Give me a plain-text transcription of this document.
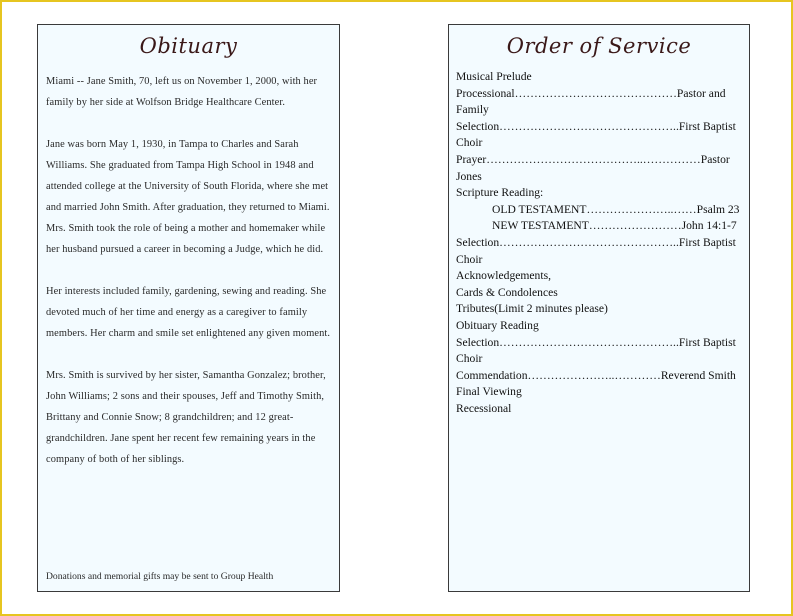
Obituary

Miami -- Jane Smith, 70, left us on November 1, 2000, with her family by her side at Wolfson Bridge Healthcare Center.

Jane was born May 1, 1930, in Tampa to Charles and Sarah Williams. She graduated from Tampa High School in 1948 and attended college at the University of South Florida, where she met and married John Smith. After graduation, they returned to Miami. Mrs. Smith took the role of being a mother and homemaker while her husband pursued a career in becoming a Judge, which he did.

Her interests included family, gardening, sewing and reading. She devoted much of her time and energy as a caregiver to family members. Her charm and smile set enlightened any given moment.

Mrs. Smith is survived by her sister, Samantha Gonzalez; brother, John Williams; 2 sons and their spouses, Jeff and Timothy Smith, Brittany and Connie Snow; 8 grandchildren; and 12 great-grandchildren. Jane spent her recent few remaining years in the company of both of her siblings.

Donations and memorial gifts may be sent to Group Health
Order of Service
Musical Prelude
Processional……………………………………Pastor and Family
Selection………………………………………..First Baptist Choir
Prayer…………………………………..……………Pastor Jones
Scripture Reading:
OLD TESTAMENT…………………..……Psalm 23
NEW TESTAMENT……………………John 14:1-7
Selection………………………………………..First Baptist Choir
Acknowledgements,
Cards & Condolences
Tributes(Limit 2 minutes please)
Obituary Reading
Selection………………………………………..First Baptist Choir
Commendation…………………..…………Reverend Smith
Final Viewing
Recessional
